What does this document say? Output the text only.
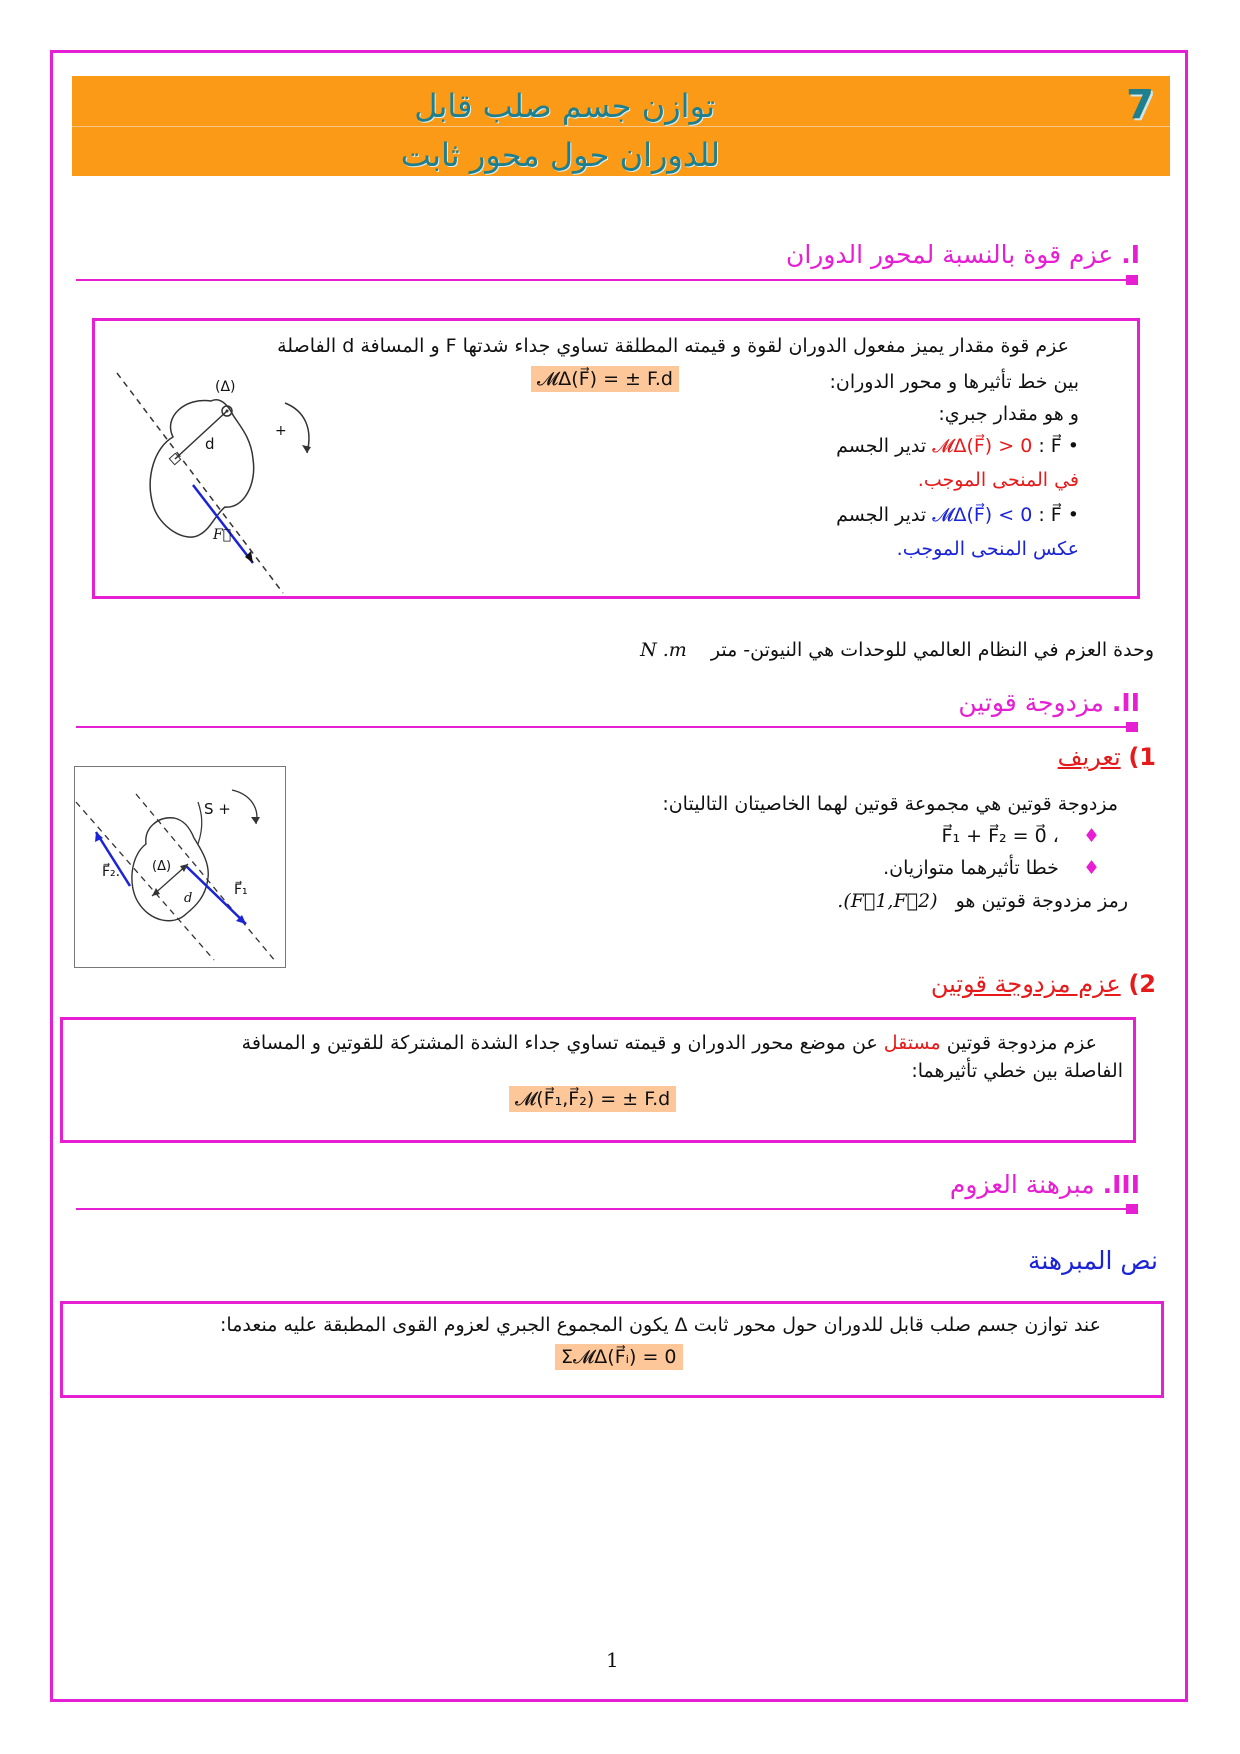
7
توازن جسم صلب قابل
للدوران حول محور ثابت
I. عزم قوة بالنسبة لمحور الدوران
عزم قوة مقدار يميز مفعول الدوران لقوة و قيمته المطلقة تساوي جداء شدتها F و المسافة d الفاصلة
بين خط تأثيرها و محور الدوران:
𝓜Δ(F⃗) = ± F.d
و هو مقدار جبري:
• 𝓜Δ(F⃗) > 0 : F⃗ تدير الجسم
في المنحى الموجب.
• 𝓜Δ(F⃗) < 0 : F⃗ تدير الجسم
عكس المنحى الموجب.
(Δ)
d
F⃗
+
وحدة العزم في النظام العالمي للوحدات هي النيوتن- متر N .m
II. مزدوجة قوتين
1) تعريف
S +
(Δ)
d
F⃗₁
F⃗₂.
مزدوجة قوتين هي مجموعة قوتين لهما الخاصيتان التاليتان:
♦ F⃗₁ + F⃗₂ = 0⃗ ،
♦ خطا تأثيرهما متوازيان.
رمز مزدوجة قوتين هو .(F⃗1,F⃗2)
2) عزم مزدوجة قوتين
عزم مزدوجة قوتين مستقل عن موضع محور الدوران و قيمته تساوي جداء الشدة المشتركة للقوتين و المسافة
الفاصلة بين خطي تأثيرهما:
𝓜(F⃗₁,F⃗₂) = ± F.d
III. مبرهنة العزوم
نص المبرهنة
عند توازن جسم صلب قابل للدوران حول محور ثابت Δ يكون المجموع الجبري لعزوم القوى المطبقة عليه منعدما:
Σ𝓜Δ(F⃗ᵢ) = 0
1
